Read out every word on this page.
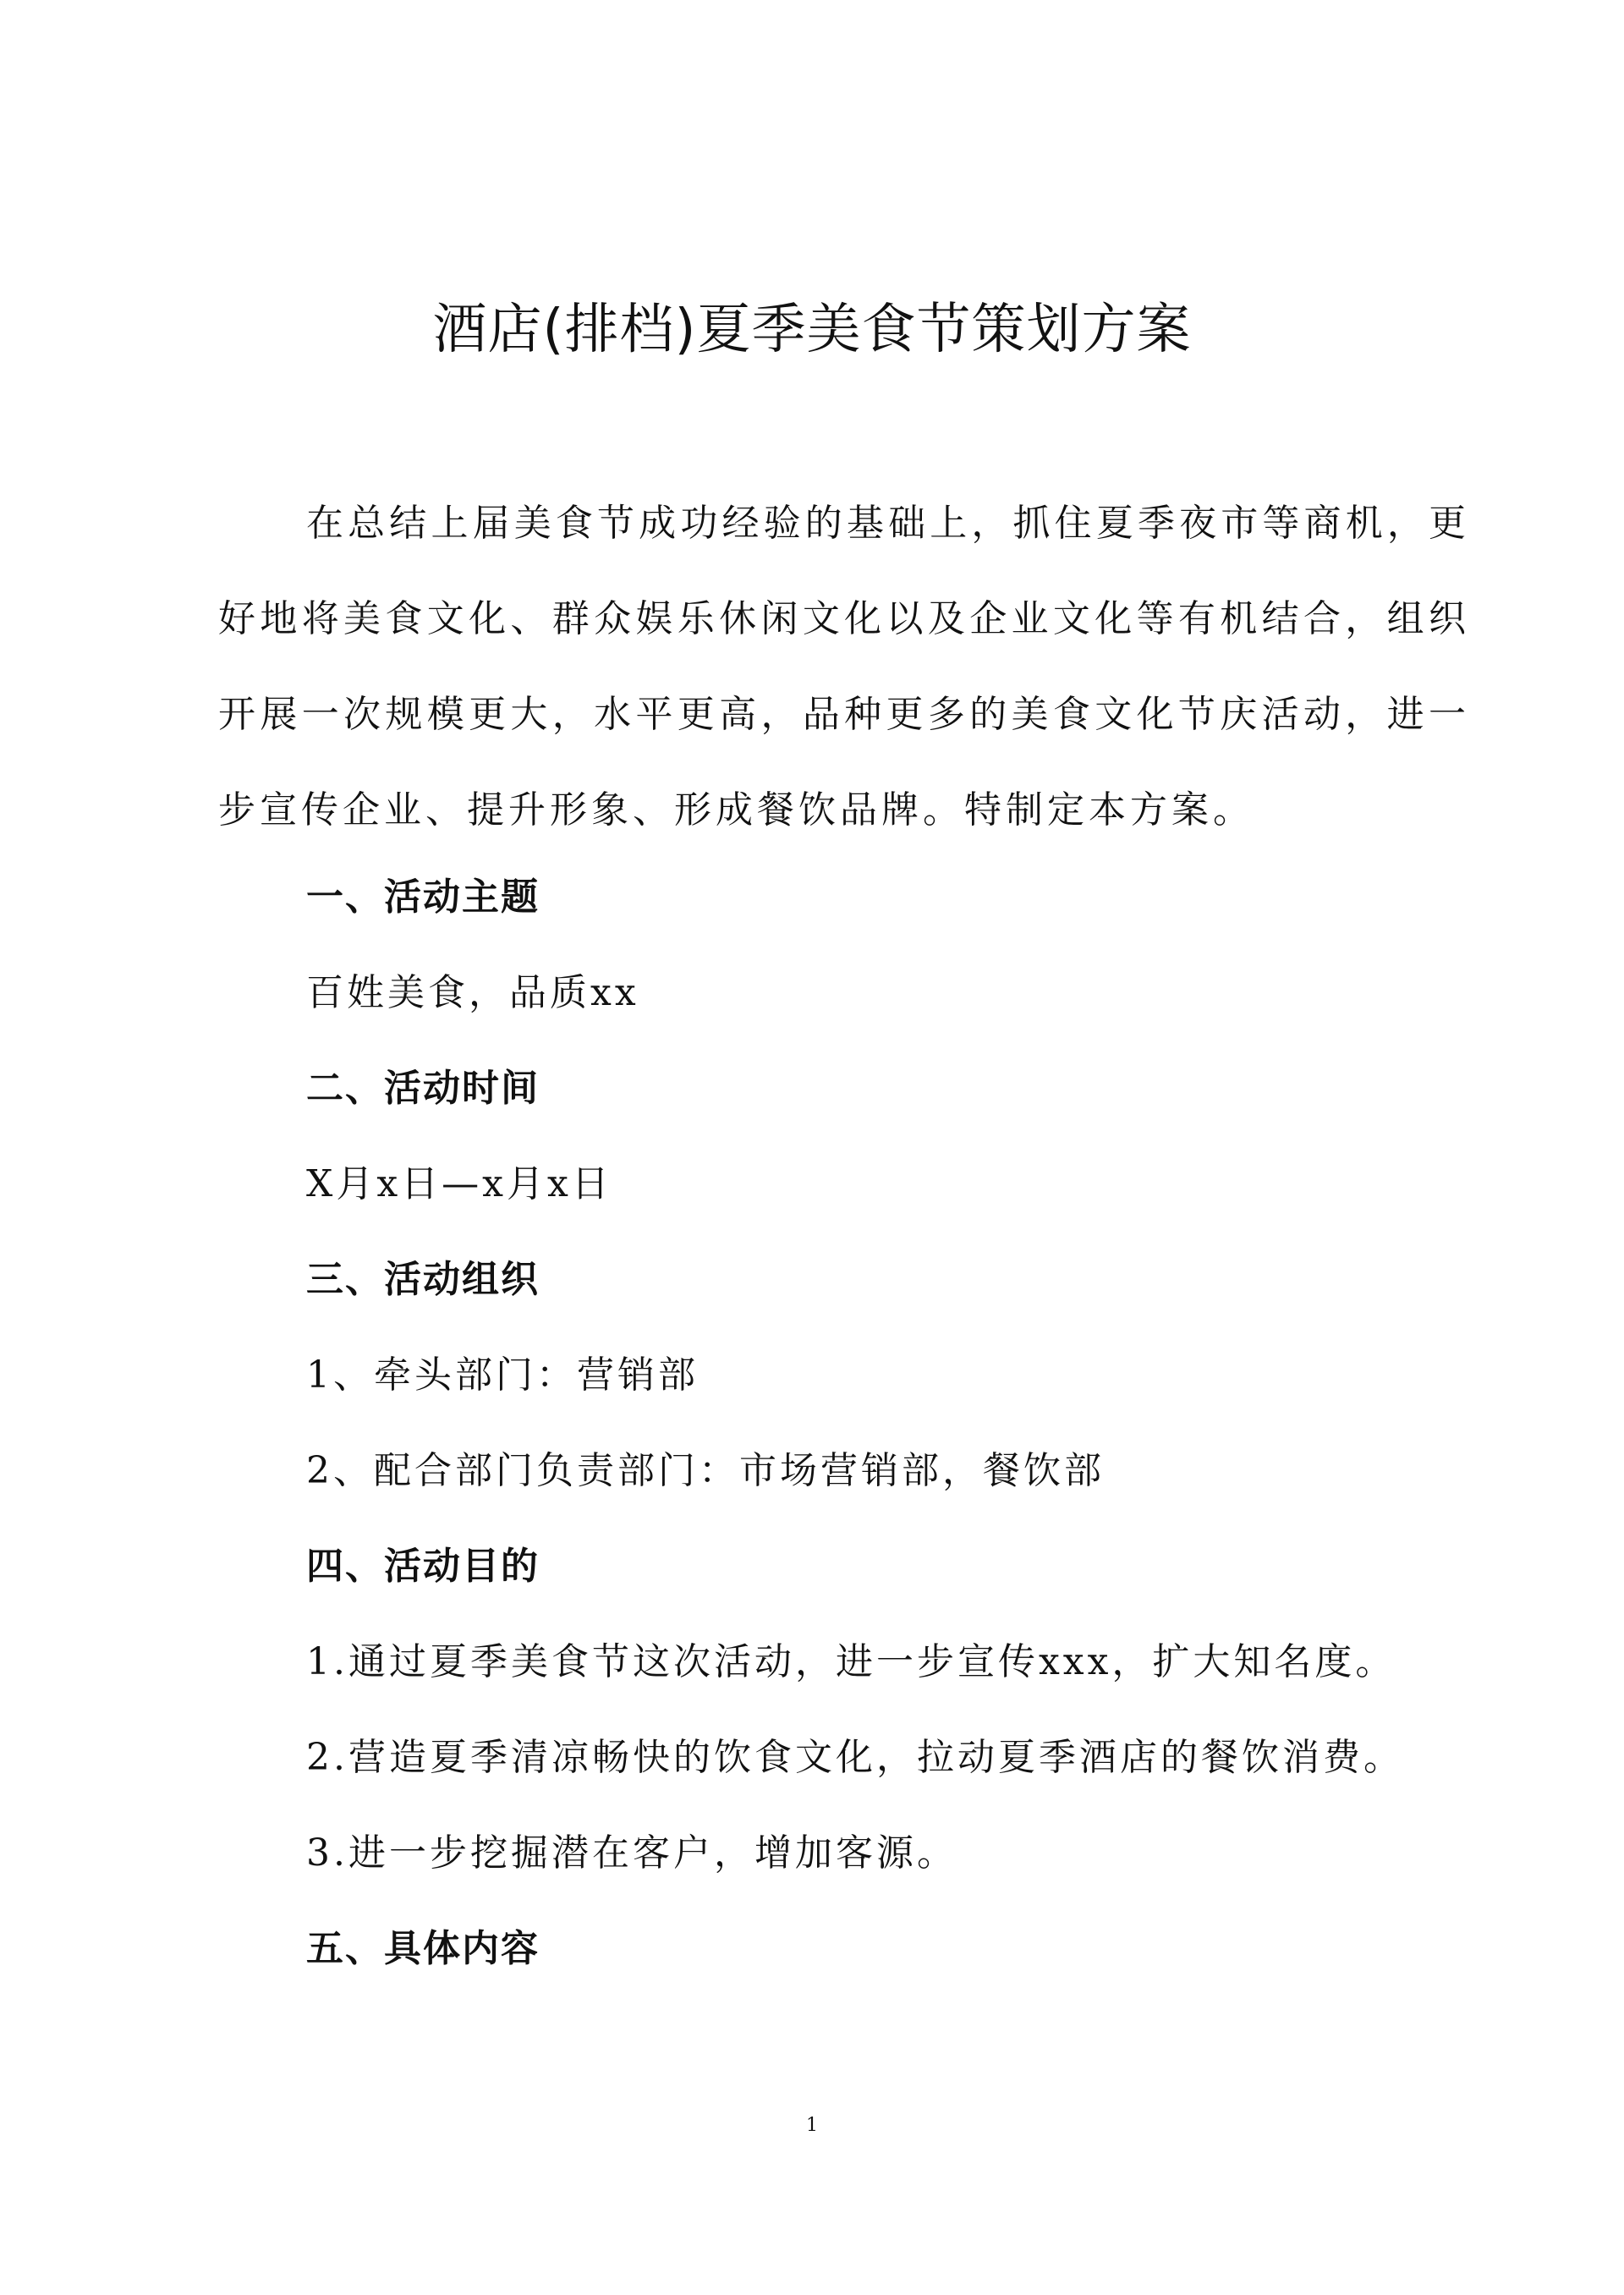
酒店(排档)夏季美食节策划方案
在总结上届美食节成功经验的基础上，抓住夏季夜市等商机，更好地将美食文化、群众娱乐休闲文化以及企业文化等有机结合，组织开展一次规模更大，水平更高，品种更多的美食文化节庆活动，进一步宣传企业、提升形象、形成餐饮品牌。特制定本方案。
一、活动主题
百姓美食，品质xx
二、活动时间
X月x日—x月x日
三、活动组织
1、牵头部门：营销部
2、配合部门负责部门：市场营销部，餐饮部
四、活动目的
1.通过夏季美食节这次活动，进一步宣传xxx，扩大知名度。
2.营造夏季清凉畅快的饮食文化，拉动夏季酒店的餐饮消费。
3.进一步挖掘潜在客户，增加客源。
五、具体内容
1
